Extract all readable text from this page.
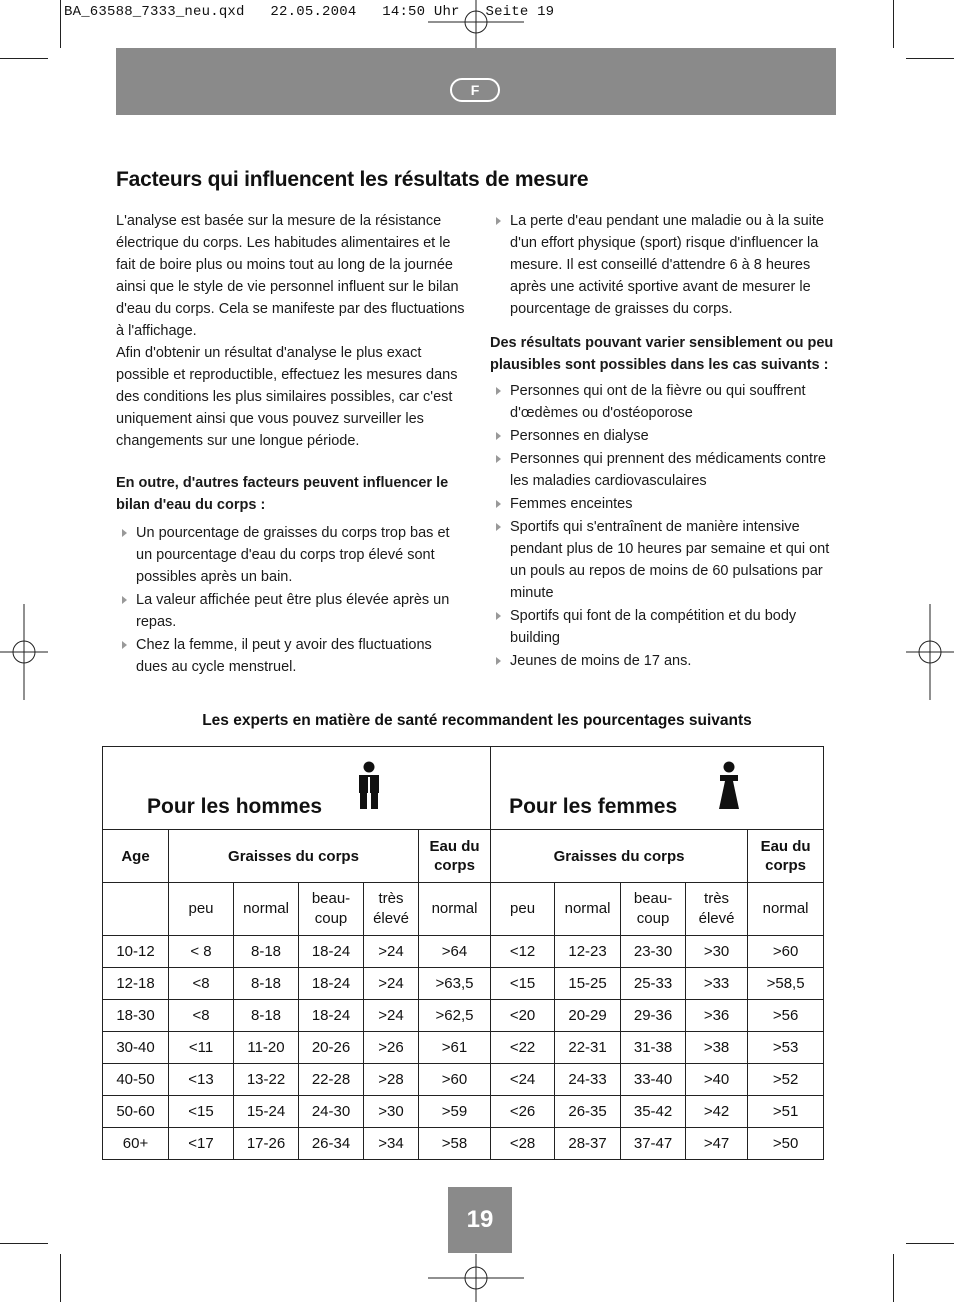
BA_63588_7333_neu.qxd   22.05.2004   14:50 Uhr   Seite 19
F
Facteurs qui influencent les résultats de mesure

L'analyse est basée sur la mesure de la résistance électrique du corps. Les habitudes alimentaires et le fait de boire plus ou moins tout au long de la journée ainsi que le style de vie personnel influent sur le bilan d'eau du corps. Cela se manifeste par des fluctuations à l'affichage.

Afin d'obtenir un résultat d'analyse le plus exact possible et reproductible, effectuez les mesures dans des conditions les plus similaires possibles, car c'est uniquement ainsi que vous pouvez surveiller les changements sur une longue période.

En outre, d'autres facteurs peuvent influencer le bilan d'eau du corps :

Un pourcentage de graisses du corps trop bas et un pourcentage d'eau du corps trop élevé sont possibles après un bain.
La valeur affichée peut être plus élevée après un repas.
Chez la femme, il peut y avoir des fluctuations dues au cycle menstruel.
La perte d'eau pendant une maladie ou à la suite d'un effort physique (sport) risque d'influencer la mesure. Il est conseillé d'attendre 6 à 8 heures après une activité sportive avant de mesurer le pourcentage de graisses du corps.

Des résultats pouvant varier sensiblement ou peu plausibles sont possibles dans les cas suivants :

Personnes qui ont de la fièvre ou qui souffrent d'œdèmes ou d'ostéoporose
Personnes en dialyse
Personnes qui prennent des médicaments contre les maladies cardiovasculaires
Femmes enceintes
Sportifs qui s'entraînent de manière intensive pendant plus de 10 heures par semaine et qui ont un pouls au repos de moins de 60 pulsations par minute
Sportifs qui font de la compétition et du body building
Jeunes de moins de 17 ans.
Les experts en matière de santé recommandent les pourcentages suivants
Pour les hommes						Pour les femmes				

Age	Graisses du corps				Eau du corps	Graisses du corps				Eau du corps
	peu	normal	beau-coup	très élevé	normal	peu	normal	beau-coup	très élevé	normal
10-12	< 8	8-18	18-24	>24	>64	<12	12-23	23-30	>30	>60
12-18	<8	8-18	18-24	>24	>63,5	<15	15-25	25-33	>33	>58,5
18-30	<8	8-18	18-24	>24	>62,5	<20	20-29	29-36	>36	>56
30-40	<11	11-20	20-26	>26	>61	<22	22-31	31-38	>38	>53
40-50	<13	13-22	22-28	>28	>60	<24	24-33	33-40	>40	>52
50-60	<15	15-24	24-30	>30	>59	<26	26-35	35-42	>42	>51
60+	<17	17-26	26-34	>34	>58	<28	28-37	37-47	>47	>50
19
